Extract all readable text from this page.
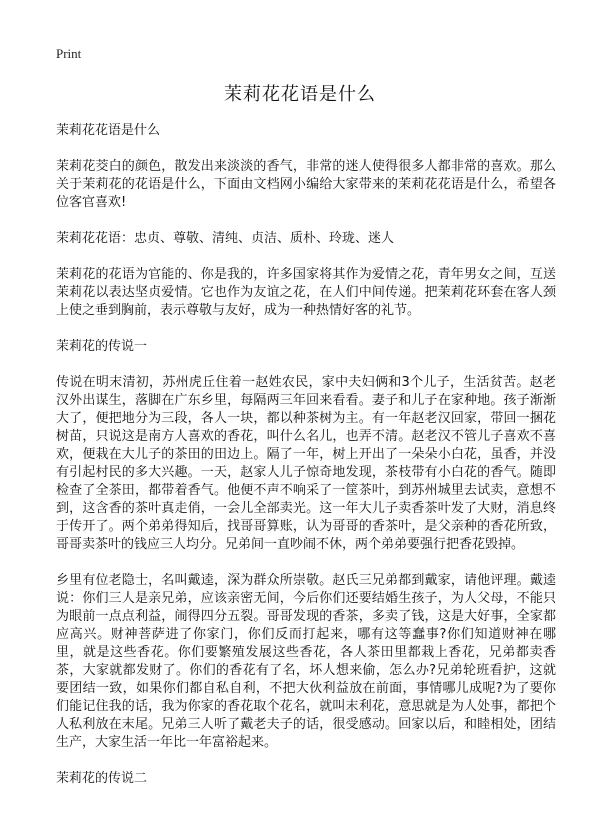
Print
茉莉花花语是什么

茉莉花花语是什么

茉莉花茭白的颜色，散发出来淡淡的香气，非常的迷人使得很多人都非常的喜欢。那么关于茉莉花的花语是什么，下面由文档网小编给大家带来的茉莉花花语是什么，希望各位客官喜欢!

茉莉花花语：忠贞、尊敬、清纯、贞洁、质朴、玲珑、迷人

茉莉花的花语为官能的、你是我的，许多国家将其作为爱情之花，青年男女之间，互送茉莉花以表达坚贞爱情。它也作为友谊之花，在人们中间传递。把茉莉花环套在客人颈上使之垂到胸前，表示尊敬与友好，成为一种热情好客的礼节。

茉莉花的传说一

传说在明末清初，苏州虎丘住着一赵姓农民，家中夫妇俩和3个儿子，生活贫苦。赵老汉外出谋生，落脚在广东乡里，每隔两三年回来看看。妻子和儿子在家种地。孩子渐渐大了，便把地分为三段，各人一块，都以种茶树为主。有一年赵老汉回家，带回一捆花树苗，只说这是南方人喜欢的香花，叫什么名儿，也弄不清。赵老汉不管儿子喜欢不喜欢，便栽在大儿子的茶田的田边上。隔了一年，树上开出了一朵朵小白花，虽香，并没有引起村民的多大兴趣。一天，赵家人儿子惊奇地发现，茶枝带有小白花的香气。随即检查了全茶田，都带着香气。他便不声不响采了一筐茶叶，到苏州城里去试卖，意想不到，这含香的茶叶真走俏，一会儿全部卖光。这一年大儿子卖香茶叶发了大财，消息终于传开了。两个弟弟得知后，找哥哥算账，认为哥哥的香茶叶，是父亲种的香花所致，哥哥卖茶叶的钱应三人均分。兄弟间一直吵闹不休，两个弟弟要强行把香花毁掉。

乡里有位老隐士，名叫戴逵，深为群众所崇敬。赵氏三兄弟都到戴家，请他评理。戴逵说：你们三人是亲兄弟，应该亲密无间，今后你们还要结婚生孩子，为人父母，不能只为眼前一点点利益，闹得四分五裂。哥哥发现的香茶，多卖了钱，这是大好事，全家都应高兴。财神菩萨进了你家门，你们反而打起来，哪有这等蠢事?你们知道财神在哪里，就是这些香花。你们要繁殖发展这些香花，各人茶田里都栽上香花，兄弟都卖香茶，大家就都发财了。你们的香花有了名，坏人想来偷，怎么办?兄弟轮班看护，这就要团结一致，如果你们都自私自利，不把大伙利益放在前面，事情哪儿成呢?为了要你们能记住我的话，我为你家的香花取个花名，就叫末利花，意思就是为人处事，都把个人私利放在末尾。兄弟三人听了戴老夫子的话，很受感动。回家以后，和睦相处，团结生产，大家生活一年比一年富裕起来。

茉莉花的传说二
